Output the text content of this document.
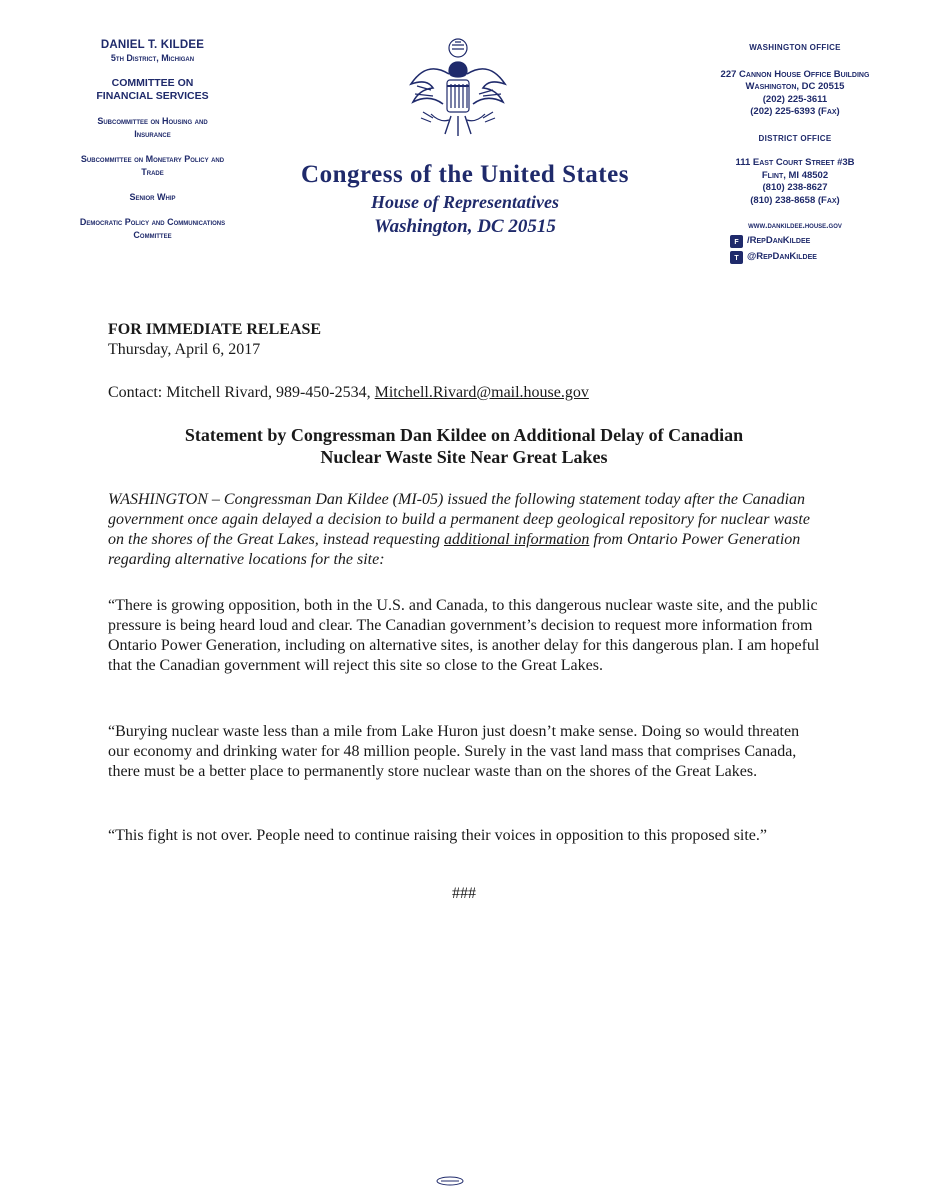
DANIEL T. KILDEE
5th District, Michigan
COMMITTEE ON FINANCIAL SERVICES
Subcommittee on Housing and Insurance
Subcommittee on Monetary Policy and Trade
Senior Whip
Democratic Policy and Communications Committee
Congress of the United States
House of Representatives
Washington, DC 20515
WASHINGTON OFFICE
227 Cannon House Office Building
Washington, DC 20515
(202) 225-3611
(202) 225-6393 (Fax)
DISTRICT OFFICE
111 East Court Street #3B
Flint, MI 48502
(810) 238-8627
(810) 238-8658 (Fax)
www.dankildee.house.gov
f /RepDanKildee
t @RepDanKildee
FOR IMMEDIATE RELEASE
Thursday, April 6, 2017
Contact: Mitchell Rivard, 989-450-2534, Mitchell.Rivard@mail.house.gov
Statement by Congressman Dan Kildee on Additional Delay of Canadian
Nuclear Waste Site Near Great Lakes
WASHINGTON – Congressman Dan Kildee (MI-05) issued the following statement today after the Canadian government once again delayed a decision to build a permanent deep geological repository for nuclear waste on the shores of the Great Lakes, instead requesting additional information from Ontario Power Generation regarding alternative locations for the site:
“There is growing opposition, both in the U.S. and Canada, to this dangerous nuclear waste site, and the public pressure is being heard loud and clear. The Canadian government’s decision to request more information from Ontario Power Generation, including on alternative sites, is another delay for this dangerous plan. I am hopeful that the Canadian government will reject this site so close to the Great Lakes.
“Burying nuclear waste less than a mile from Lake Huron just doesn’t make sense. Doing so would threaten our economy and drinking water for 48 million people. Surely in the vast land mass that comprises Canada, there must be a better place to permanently store nuclear waste than on the shores of the Great Lakes.
“This fight is not over. People need to continue raising their voices in opposition to this proposed site.”
###
